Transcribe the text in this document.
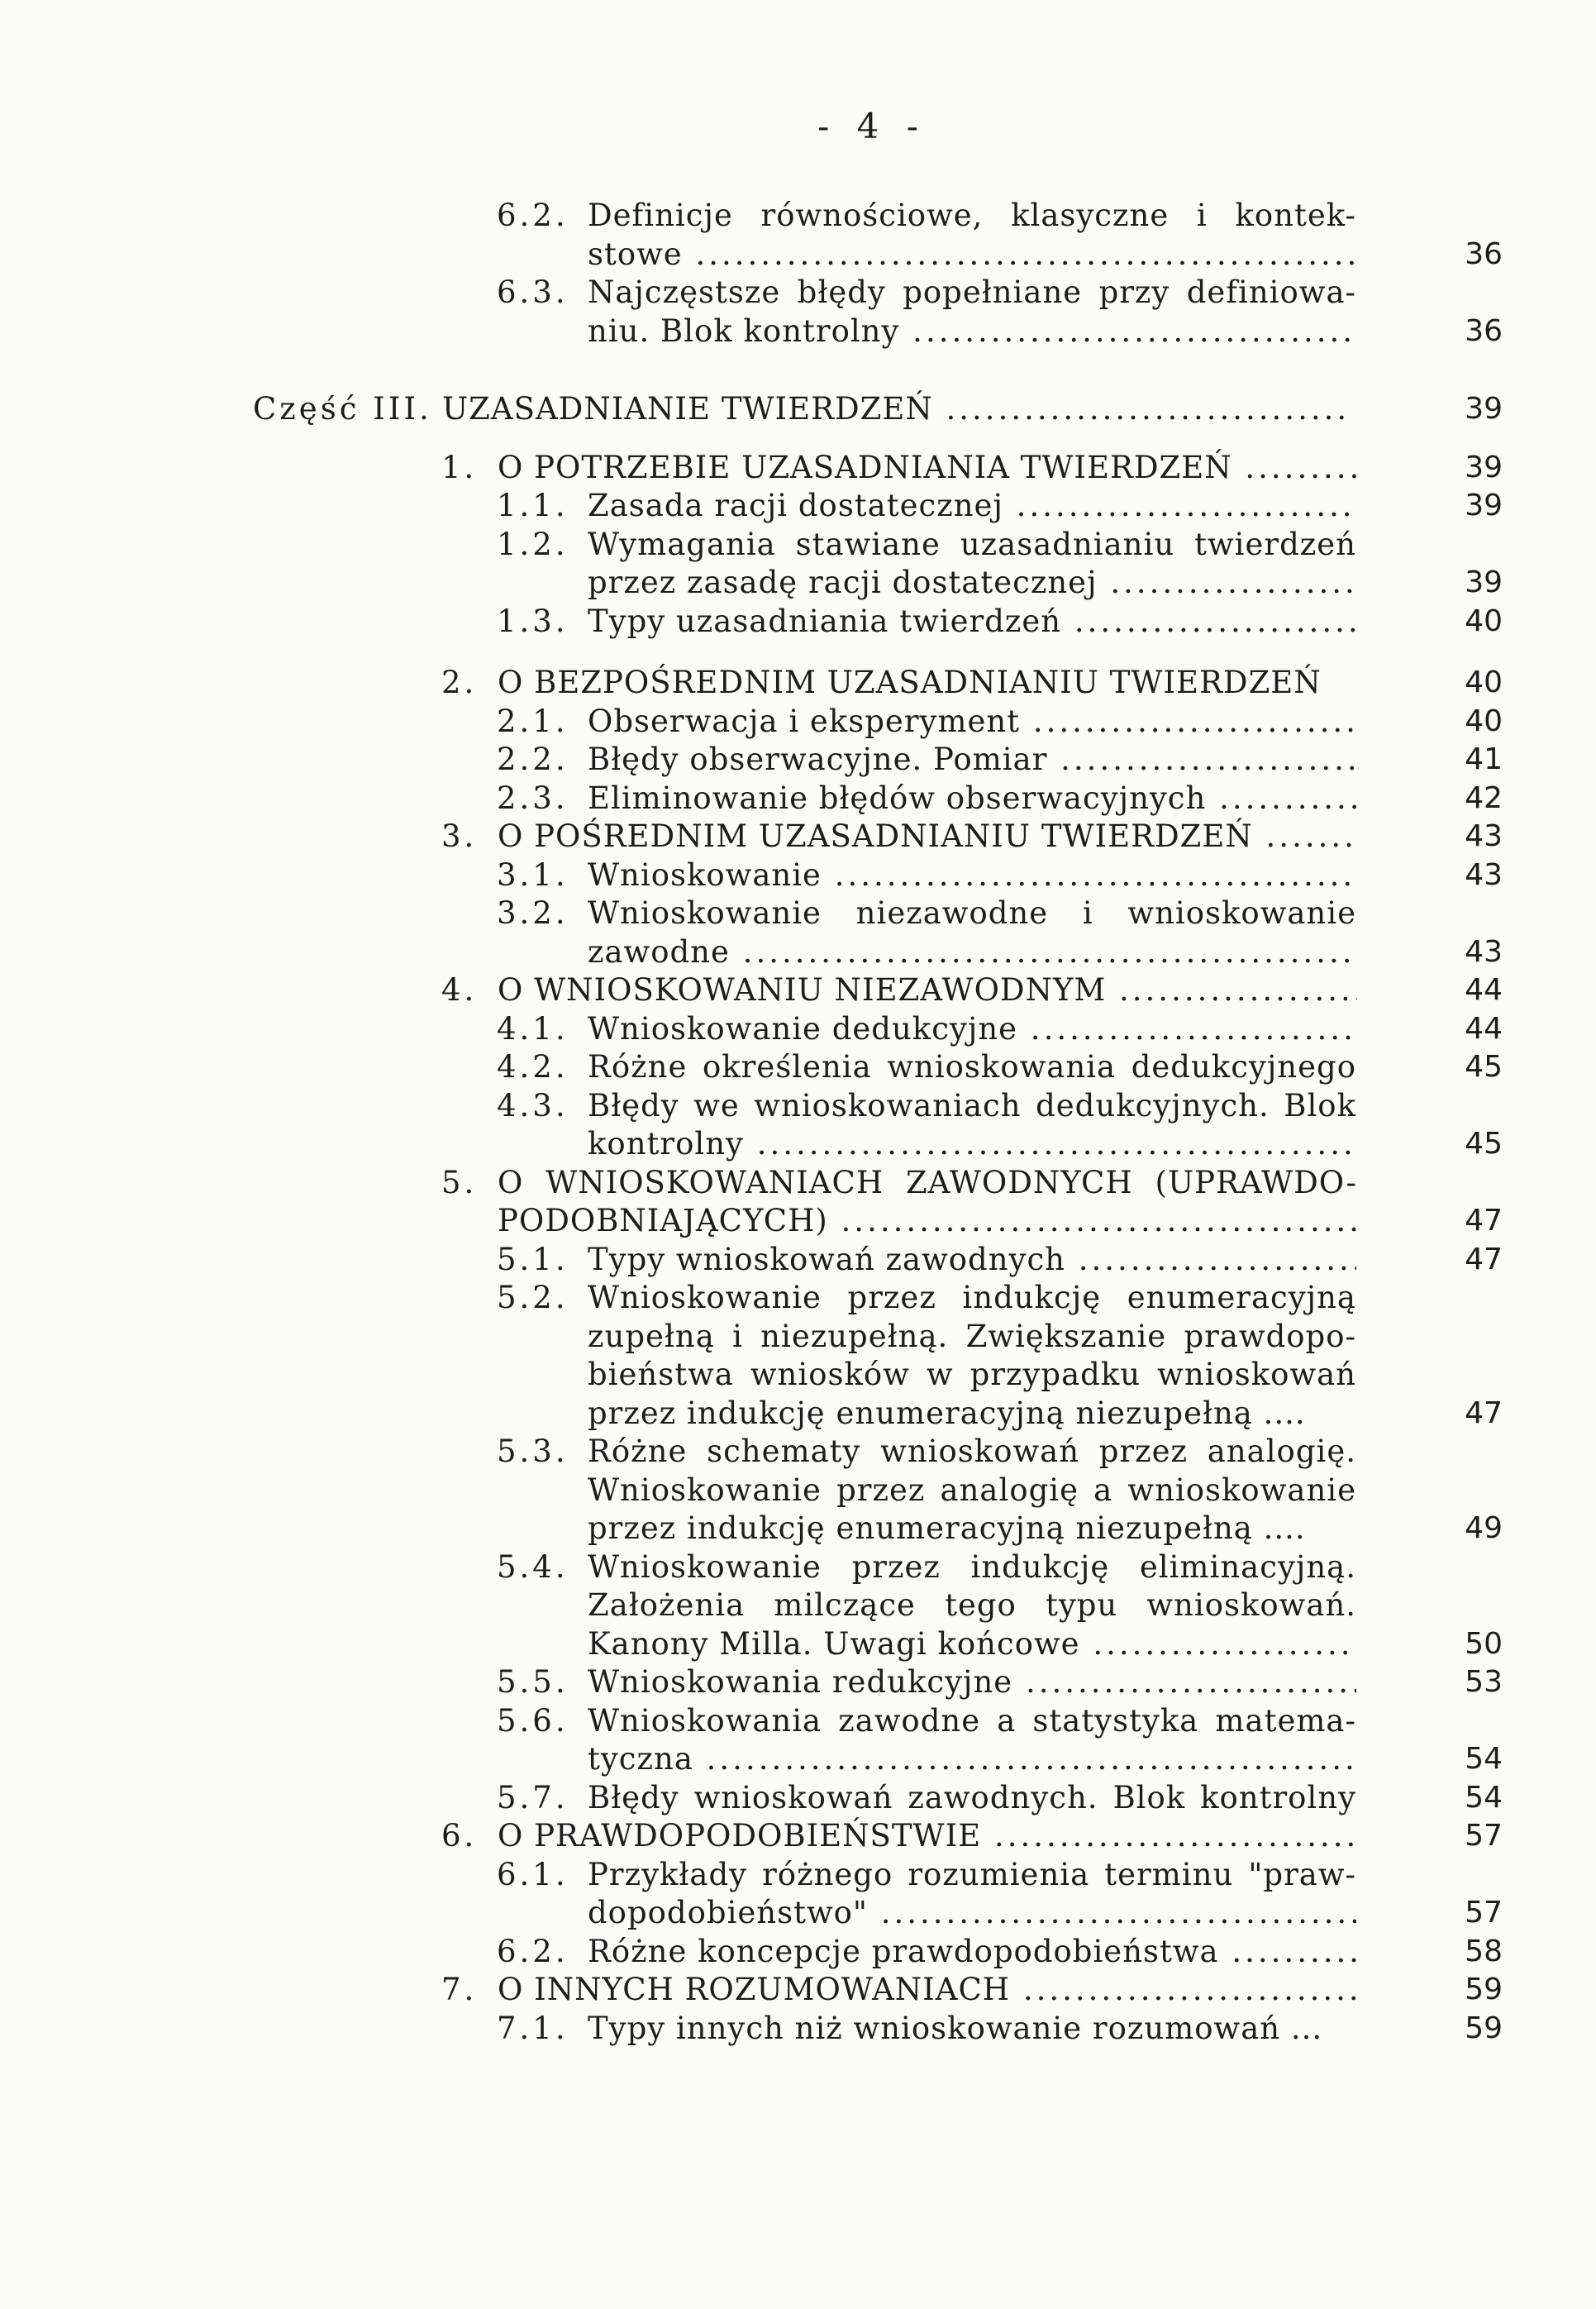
- 4 -
6.2. Definicje równościowe, klasyczne i kontek-
stowe .....	36
6.3. Najczęstsze błędy popełniane przy definiowa-
niu. Blok kontrolny .....	36
Część III. UZASADNIANIE TWIERDZEŃ .....	39
1. O POTRZEBIE UZASADNIANIA TWIERDZEŃ .....	39
1.1. Zasada racji dostatecznej .....	39
1.2. Wymagania stawiane uzasadnianiu twierdzeń
przez zasadę racji dostatecznej .....	39
1.3. Typy uzasadniania twierdzeń .....	40
2. O BEZPOŚREDNIM UZASADNIANIU TWIERDZEŃ	40
2.1. Obserwacja i eksperyment .....	40
2.2. Błędy obserwacyjne. Pomiar .....	41
2.3. Eliminowanie błędów obserwacyjnych .....	42
3. O POŚREDNIM UZASADNIANIU TWIERDZEŃ .....	43
3.1. Wnioskowanie .....	43
3.2. Wnioskowanie niezawodne i wnioskowanie
zawodne .....	43
4. O WNIOSKOWANIU NIEZAWODNYM .....	44
4.1. Wnioskowanie dedukcyjne .....	44
4.2. Różne określenia wnioskowania dedukcyjnego	45
4.3. Błędy we wnioskowaniach dedukcyjnych. Blok
kontrolny .....	45
5. O WNIOSKOWANIACH ZAWODNYCH (UPRAWDO-
PODOBNIAJĄCYCH) .....	47
5.1. Typy wnioskowań zawodnych .....	47
5.2. Wnioskowanie przez indukcję enumeracyjną
zupełną i niezupełną. Zwiększanie prawdopo-
bieństwa wniosków w przypadku wnioskowań
przez indukcję enumeracyjną niezupełną ....	47
5.3. Różne schematy wnioskowań przez analogię.
Wnioskowanie przez analogię a wnioskowanie
przez indukcję enumeracyjną niezupełną ....	49
5.4. Wnioskowanie przez indukcję eliminacyjną.
Założenia milczące tego typu wnioskowań.
Kanony Milla. Uwagi końcowe .....	50
5.5. Wnioskowania redukcyjne .....	53
5.6. Wnioskowania zawodne a statystyka matema-
tyczna .....	54
5.7. Błędy wnioskowań zawodnych. Blok kontrolny	54
6. O PRAWDOPODOBIEŃSTWIE .....	57
6.1. Przykłady różnego rozumienia terminu "praw-
dopodobieństwo" .....	57
6.2. Różne koncepcje prawdopodobieństwa .....	58
7. O INNYCH ROZUMOWANIACH .....	59
7.1. Typy innych niż wnioskowanie rozumowań ...	59
